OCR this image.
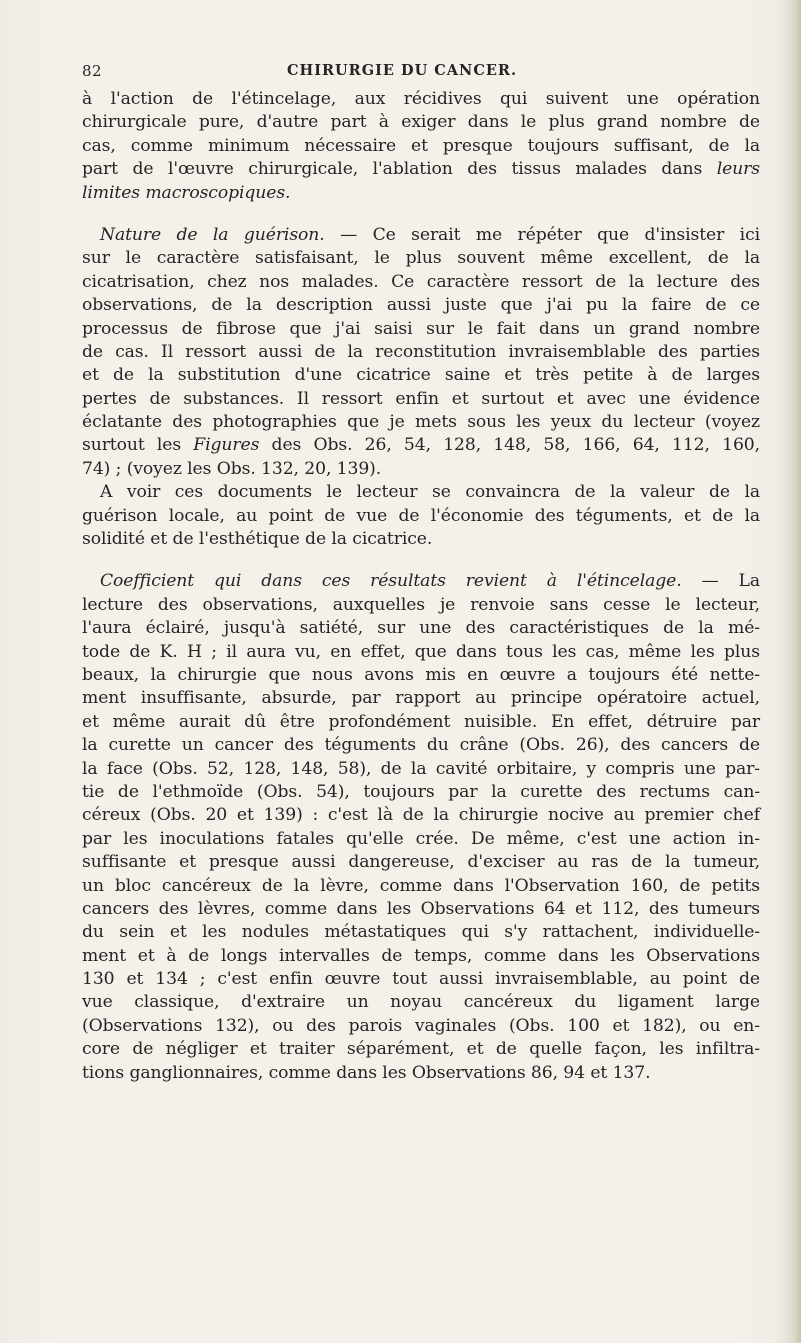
82	CHIRURGIE DU CANCER.
à l'action de l'étincelage, aux récidives qui suivent une opération
chirurgicale pure, d'autre part à exiger dans le plus grand nombre de
cas, comme minimum nécessaire et presque toujours suffisant, de la
part de l'œuvre chirurgicale, l'ablation des tissus malades dans leurs
limites macroscopiques.
Nature de la guérison. — Ce serait me répéter que d'insister ici
sur le caractère satisfaisant, le plus souvent même excellent, de la
cicatrisation, chez nos malades. Ce caractère ressort de la lecture des
observations, de la description aussi juste que j'ai pu la faire de ce
processus de fibrose que j'ai saisi sur le fait dans un grand nombre
de cas. Il ressort aussi de la reconstitution invraisemblable des parties
et de la substitution d'une cicatrice saine et très petite à de larges
pertes de substances. Il ressort enfin et surtout et avec une évidence
éclatante des photographies que je mets sous les yeux du lecteur (voyez
surtout les Figures des Obs. 26, 54, 128, 148, 58, 166, 64, 112, 160,
74) ; (voyez les Obs. 132, 20, 139).
A voir ces documents le lecteur se convaincra de la valeur de la
guérison locale, au point de vue de l'économie des téguments, et de la
solidité et de l'esthétique de la cicatrice.
Coefficient qui dans ces résultats revient à l'étincelage. — La
lecture des observations, auxquelles je renvoie sans cesse le lecteur,
l'aura éclairé, jusqu'à satiété, sur une des caractéristiques de la mé-
tode de K. H ; il aura vu, en effet, que dans tous les cas, même les plus
beaux, la chirurgie que nous avons mis en œuvre a toujours été nette-
ment insuffisante, absurde, par rapport au principe opératoire actuel,
et même aurait dû être profondément nuisible. En effet, détruire par
la curette un cancer des téguments du crâne (Obs. 26), des cancers de
la face (Obs. 52, 128, 148, 58), de la cavité orbitaire, y compris une par-
tie de l'ethmoïde (Obs. 54), toujours par la curette des rectums can-
céreux (Obs. 20 et 139) : c'est là de la chirurgie nocive au premier chef
par les inoculations fatales qu'elle crée. De même, c'est une action in-
suffisante et presque aussi dangereuse, d'exciser au ras de la tumeur,
un bloc cancéreux de la lèvre, comme dans l'Observation 160, de petits
cancers des lèvres, comme dans les Observations 64 et 112, des tumeurs
du sein et les nodules métastatiques qui s'y rattachent, individuelle-
ment et à de longs intervalles de temps, comme dans les Observations
130 et 134 ; c'est enfin œuvre tout aussi invraisemblable, au point de
vue classique, d'extraire un noyau cancéreux du ligament large
(Observations 132), ou des parois vaginales (Obs. 100 et 182), ou en-
core de négliger et traiter séparément, et de quelle façon, les infiltra-
tions ganglionnaires, comme dans les Observations 86, 94 et 137.
